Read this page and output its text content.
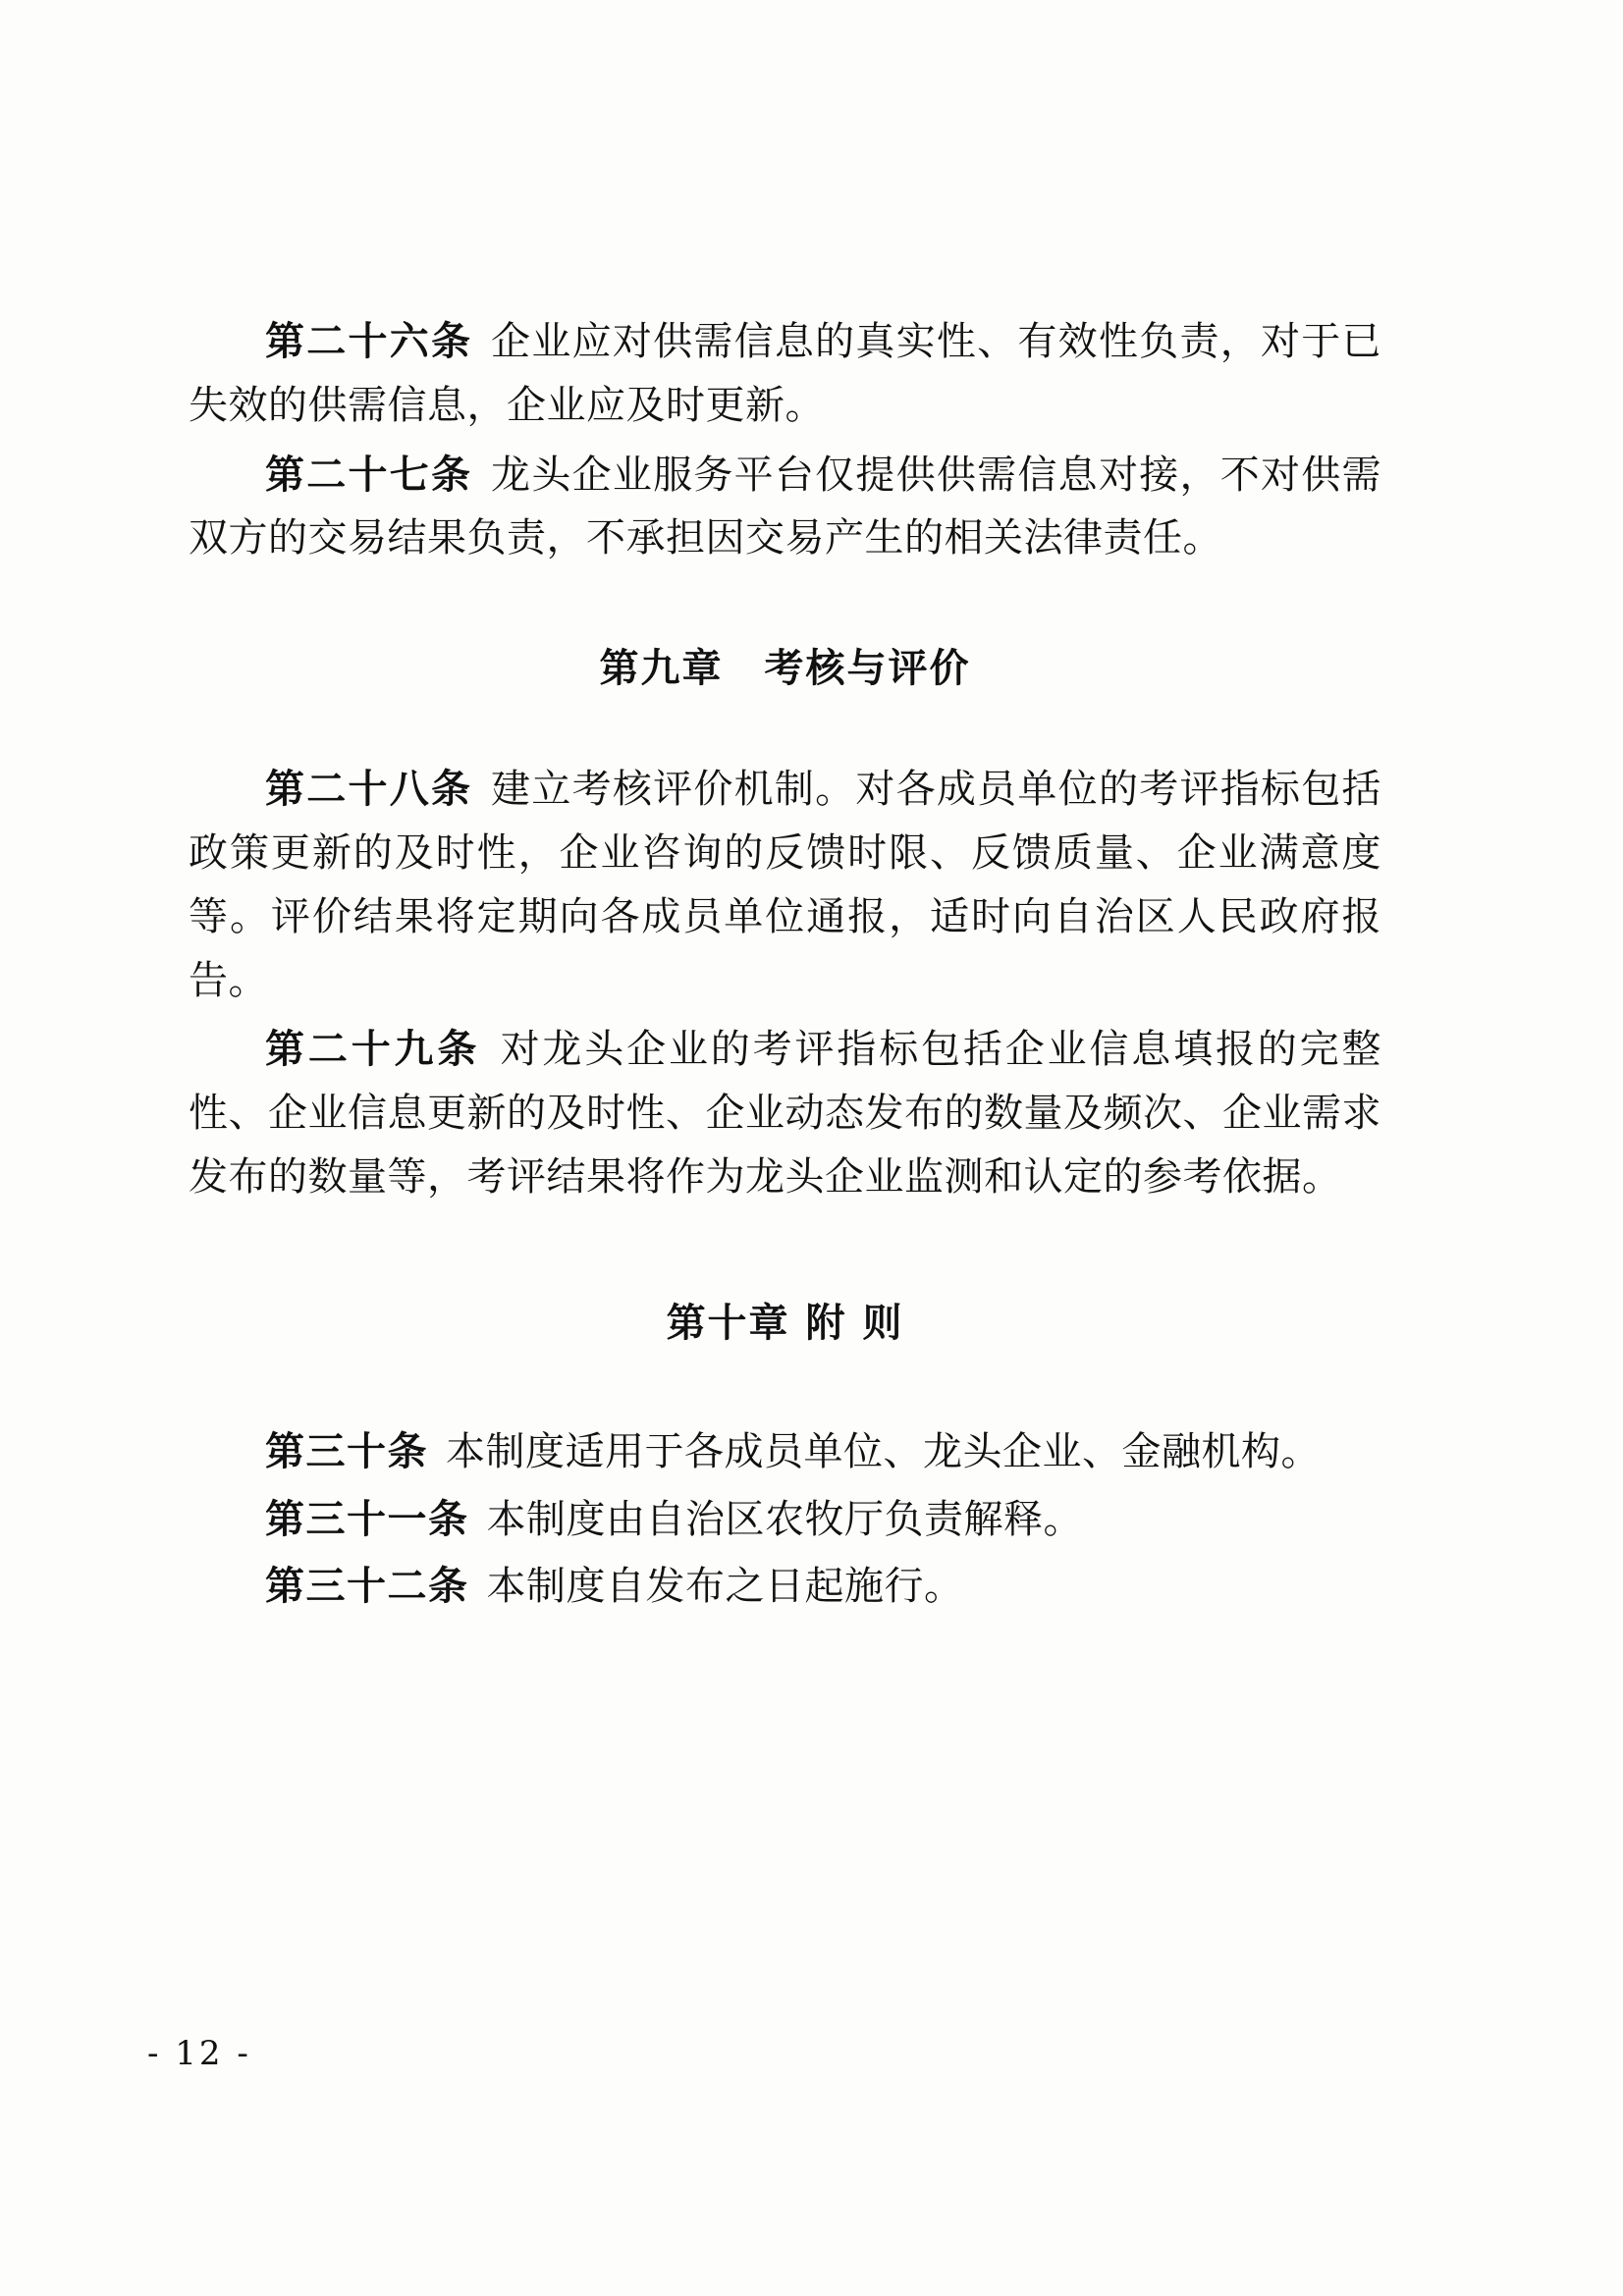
第二十六条 企业应对供需信息的真实性、有效性负责，对于已失效的供需信息，企业应及时更新。

第二十七条 龙头企业服务平台仅提供供需信息对接，不对供需双方的交易结果负责，不承担因交易产生的相关法律责任。

第九章　考核与评价

第二十八条 建立考核评价机制。对各成员单位的考评指标包括政策更新的及时性，企业咨询的反馈时限、反馈质量、企业满意度等。评价结果将定期向各成员单位通报，适时向自治区人民政府报告。

第二十九条 对龙头企业的考评指标包括企业信息填报的完整性、企业信息更新的及时性、企业动态发布的数量及频次、企业需求发布的数量等，考评结果将作为龙头企业监测和认定的参考依据。

第十章 附 则

第三十条 本制度适用于各成员单位、龙头企业、金融机构。

第三十一条 本制度由自治区农牧厅负责解释。

第三十二条 本制度自发布之日起施行。

- 12 -
